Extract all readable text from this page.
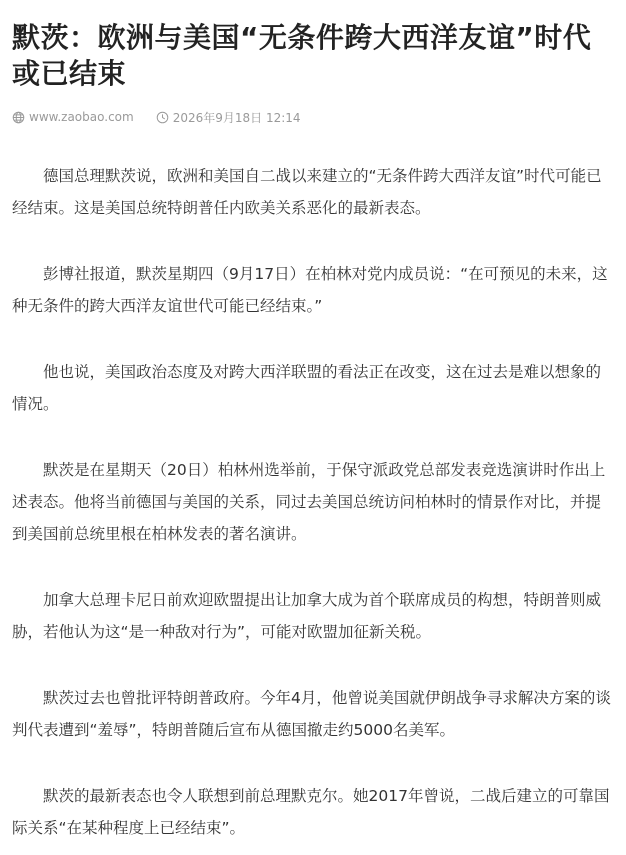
默茨：欧洲与美国“无条件跨大西洋友谊”时代或已结束
www.zaobao.com	2026年9月18日 12:14

德国总理默茨说，欧洲和美国自二战以来建立的“无条件跨大西洋友谊”时代可能已经结束。这是美国总统特朗普任内欧美关系恶化的最新表态。

彭博社报道，默茨星期四（9月17日）在柏林对党内成员说：“在可预见的未来，这种无条件的跨大西洋友谊世代可能已经结束。”

他也说，美国政治态度及对跨大西洋联盟的看法正在改变，这在过去是难以想象的情况。

默茨是在星期天（20日）柏林州选举前，于保守派政党总部发表竞选演讲时作出上述表态。他将当前德国与美国的关系，同过去美国总统访问柏林时的情景作对比，并提到美国前总统里根在柏林发表的著名演讲。

加拿大总理卡尼日前欢迎欧盟提出让加拿大成为首个联席成员的构想，特朗普则威胁，若他认为这“是一种敌对行为”，可能对欧盟加征新关税。

默茨过去也曾批评特朗普政府。今年4月，他曾说美国就伊朗战争寻求解决方案的谈判代表遭到“羞辱”，特朗普随后宣布从德国撤走约5000名美军。

默茨的最新表态也令人联想到前总理默克尔。她2017年曾说，二战后建立的可靠国际关系“在某种程度上已经结束”。
